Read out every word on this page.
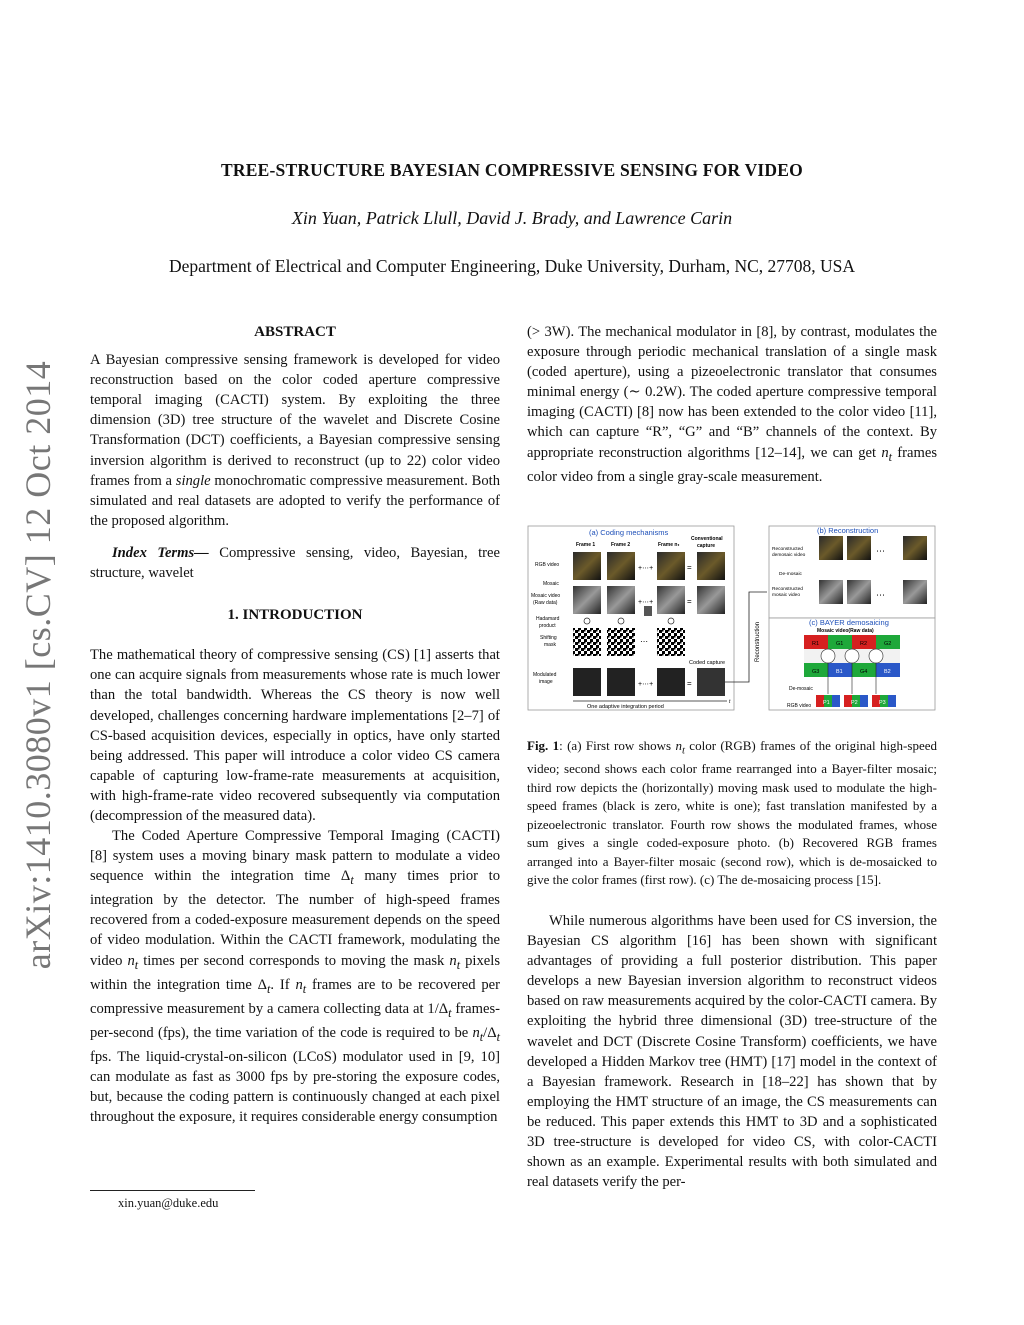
arXiv:1410.3080v1 [cs.CV] 12 Oct 2014
TREE-STRUCTURE BAYESIAN COMPRESSIVE SENSING FOR VIDEO
Xin Yuan, Patrick Llull, David J. Brady, and Lawrence Carin
Department of Electrical and Computer Engineering, Duke University, Durham, NC, 27708, USA

ABSTRACT

A Bayesian compressive sensing framework is developed for video reconstruction based on the color coded aperture compressive temporal imaging (CACTI) system. By exploiting the three dimension (3D) tree structure of the wavelet and Discrete Cosine Transformation (DCT) coefficients, a Bayesian compressive sensing inversion algorithm is derived to reconstruct (up to 22) color video frames from a single monochromatic compressive measurement. Both simulated and real datasets are adopted to verify the performance of the proposed algorithm.

Index Terms— Compressive sensing, video, Bayesian, tree structure, wavelet

1. INTRODUCTION

The mathematical theory of compressive sensing (CS) [1] asserts that one can acquire signals from measurements whose rate is much lower than the total bandwidth. Whereas the CS theory is now well developed, challenges concerning hardware implementations [2–7] of CS-based acquisition devices, especially in optics, have only started being addressed. This paper will introduce a color video CS camera capable of capturing low-frame-rate measurements at acquisition, with high-frame-rate video recovered subsequently via computation (decompression of the measured data).

The Coded Aperture Compressive Temporal Imaging (CACTI) [8] system uses a moving binary mask pattern to modulate a video sequence within the integration time $\Delta_t$ many times prior to integration by the detector. The number of high-speed frames recovered from a coded-exposure measurement depends on the speed of video modulation. Within the CACTI framework, modulating the video $n_t$ times per second corresponds to moving the mask $n_t$ pixels within the integration time $\Delta_t$. If $n_t$ frames are to be recovered per compressive measurement by a camera collecting data at $1/\Delta_t$ frames-per-second (fps), the time variation of the code is required to be $n_t/\Delta_t$ fps. The liquid-crystal-on-silicon (LCoS) modulator used in [9, 10] can modulate as fast as 3000 fps by pre-storing the exposure codes, but, because the coding pattern is continuously changed at each pixel throughout the exposure, it requires considerable energy consumption

xin.yuan@duke.edu

(> 3W). The mechanical modulator in [8], by contrast, modulates the exposure through periodic mechanical translation of a single mask (coded aperture), using a pizeoelectronic translator that consumes minimal energy (∼ 0.2W). The coded aperture compressive temporal imaging (CACTI) [8] now has been extended to the color video [11], which can capture “R”, “G” and “B” channels of the context. By appropriate reconstruction algorithms [12–14], we can get $n_t$ frames color video from a single gray-scale measurement.

(a) Coding mechanisms
Frame 1	Frame 2	Frame nₜ
Conventional
capture
RGB video
Mosaic
Mosaic video
(Raw data)
Hadamard
product
Shifting
mask
Modulated
image
+⋯+	=
+⋯+	=
⋯
Coded capture
+⋯+	=
t
One adaptive integration period
Reconstruction
(b) Reconstruction
Reconstructed
demosaic video
De-mosaic
Reconstructed
mosaic video
⋯
⋯
(c) BAYER demosaicing
Mosaic video(Raw data)
R1	G1	R2	G2
G3	B1	G4	B2
De-mosaic
RGB video P1	P2	P3

Fig. 1: (a) First row shows $n_t$ color (RGB) frames of the original high-speed video; second shows each color frame rearranged into a Bayer-filter mosaic; third row depicts the (horizontally) moving mask used to modulate the high-speed frames (black is zero, white is one); fast translation manifested by a pizeoelectronic translator. Fourth row shows the modulated frames, whose sum gives a single coded-exposure photo. (b) Recovered RGB frames arranged into a Bayer-filter mosaic (second row), which is de-mosaicked to give the color frames (first row). (c) The de-mosaicing process [15].

While numerous algorithms have been used for CS inversion, the Bayesian CS algorithm [16] has been shown with significant advantages of providing a full posterior distribution. This paper develops a new Bayesian inversion algorithm to reconstruct videos based on raw measurements acquired by the color-CACTI camera. By exploiting the hybrid three dimensional (3D) tree-structure of the wavelet and DCT (Discrete Cosine Transform) coefficients, we have developed a Hidden Markov tree (HMT) [17] model in the context of a Bayesian framework. Research in [18–22] has shown that by employing the HMT structure of an image, the CS measurements can be reduced. This paper extends this HMT to 3D and a sophisticated 3D tree-structure is developed for video CS, with color-CACTI shown as an example. Experimental results with both simulated and real datasets verify the per-
